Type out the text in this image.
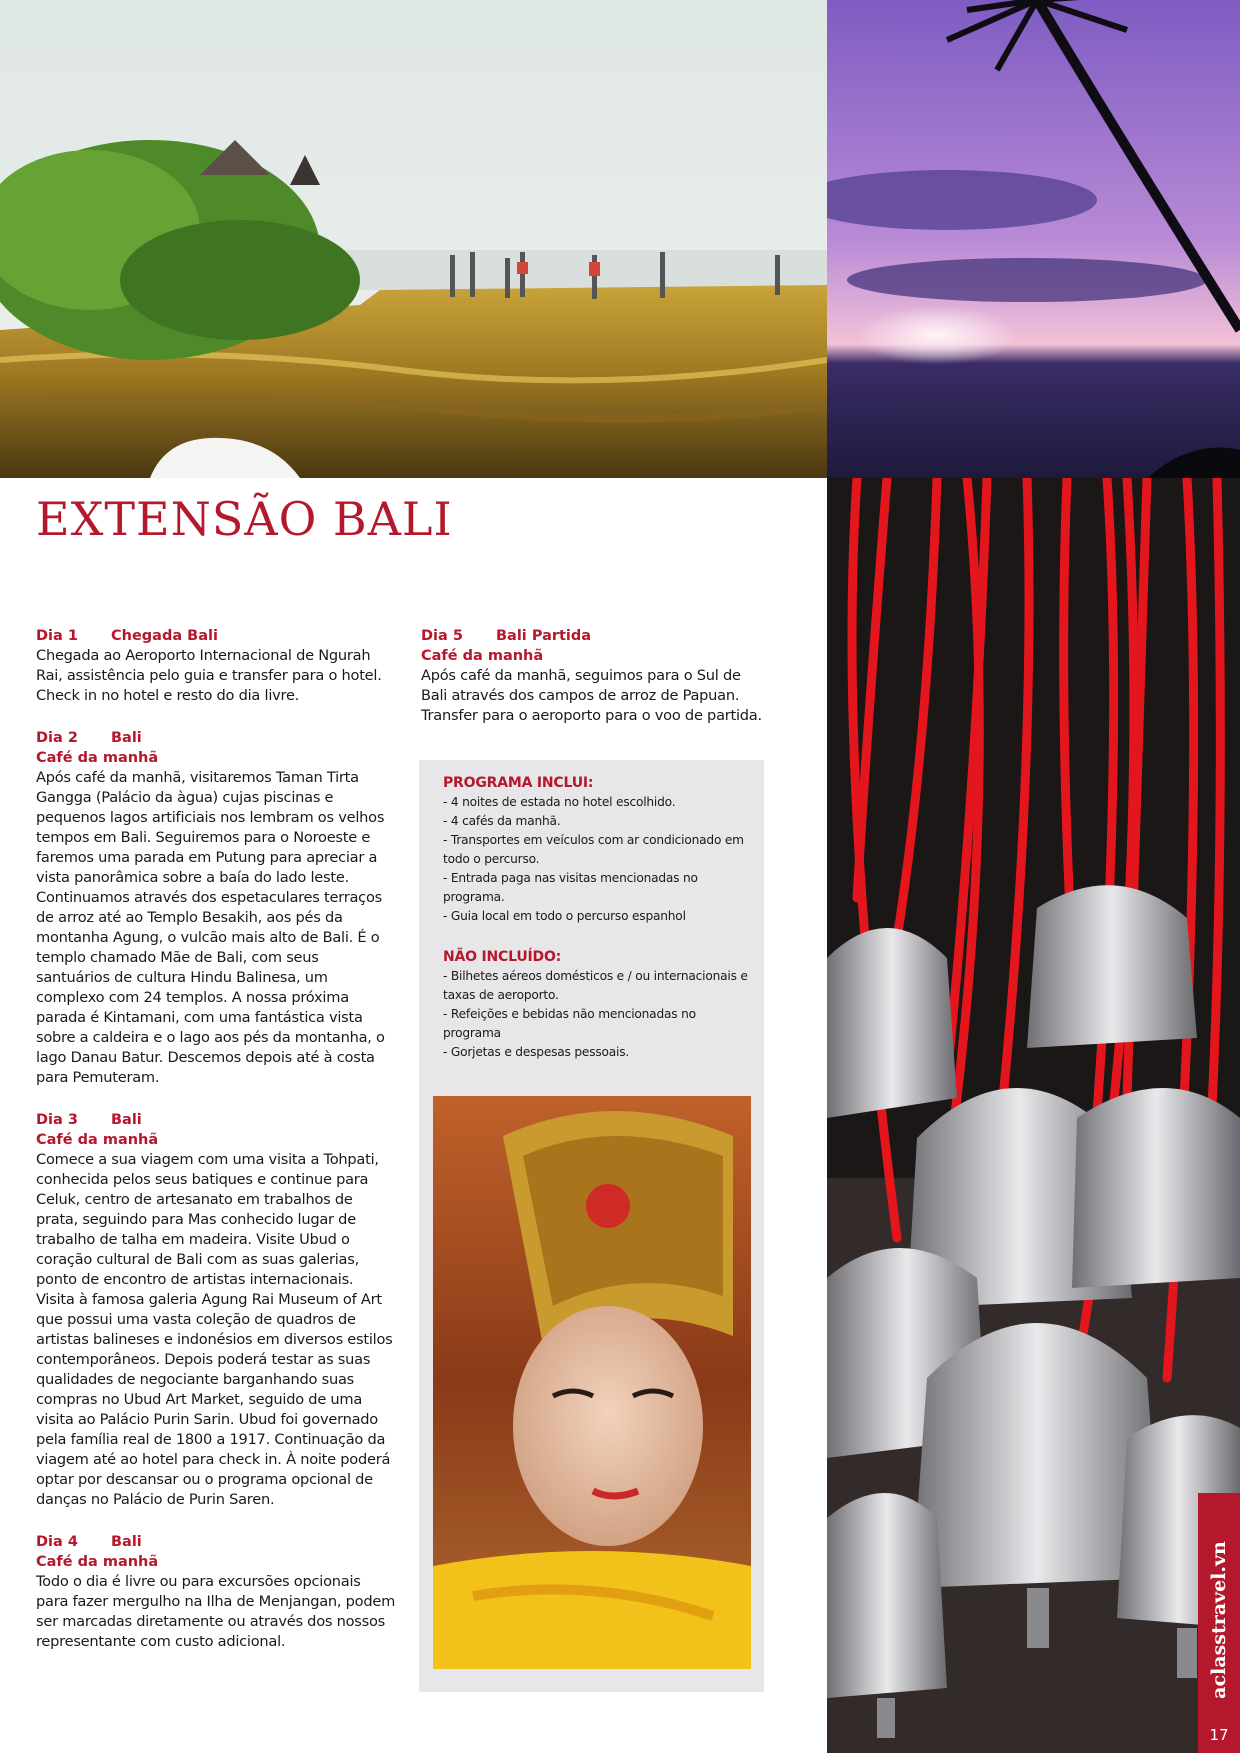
EXTENSÃO BALI
Dia 1 Chegada Bali

Chegada ao Aeroporto Internacional de Ngurah Rai, assistência pelo guia e transfer para o hotel. Check in no hotel e resto do dia livre.

Dia 2 Bali
Café da manhã

Após café da manhã, visitaremos Taman Tirta Gangga (Palácio da àgua) cujas piscinas e pequenos lagos artificiais nos lembram os velhos tempos em Bali. Seguiremos para o Noroeste e faremos uma parada em Putung para apreciar a vista panorâmica sobre a baía do lado leste. Continuamos através dos espetaculares terraços de arroz até ao Templo Besakih, aos pés da montanha Agung, o vulcão mais alto de Bali. É o templo chamado Mãe de Bali, com seus santuários de cultura Hindu Balinesa, um complexo com 24 templos. A nossa próxima parada é Kintamani, com uma fantástica vista sobre a caldeira e o lago aos pés da montanha, o lago Danau Batur. Descemos depois até à costa para Pemuteram.

Dia 3 Bali
Café da manhã

Comece a sua viagem com uma visita a Tohpati, conhecida pelos seus batiques e continue para Celuk, centro de artesanato em trabalhos de prata, seguindo para Mas conhecido lugar de trabalho de talha em madeira. Visite Ubud o coração cultural de Bali com as suas galerias, ponto de encontro de artistas internacionais. Visita à famosa galeria Agung Rai Museum of Art que possui uma vasta coleção de quadros de artistas balineses e indonésios em diversos estilos contemporâneos. Depois poderá testar as suas qualidades de negociante barganhando suas compras no Ubud Art Market, seguido de uma visita ao Palácio Purin Sarin. Ubud foi governado pela família real de 1800 a 1917. Continuação da viagem até ao hotel para check in. À noite poderá optar por descansar ou o programa opcional de danças no Palácio de Purin Saren.

Dia 4 Bali
Café da manhã

Todo o dia é livre ou para excursões opcionais para fazer mergulho na Ilha de Menjangan, podem ser marcadas diretamente ou através dos nossos representante com custo adicional.

Dia 5 Bali Partida
Café da manhã

Após café da manhã, seguimos para o Sul de Bali através dos campos de arroz de Papuan. Transfer para o aeroporto para o voo de partida.

PROGRAMA INCLUI:
- 4 noites de estada no hotel escolhido.
- 4 cafés da manhã.
- Transportes em veículos com ar condicionado em todo o percurso.
- Entrada paga nas visitas mencionadas no programa.
- Guia local em todo o percurso espanhol
NÃO INCLUÍDO:
- Bilhetes aéreos domésticos e / ou internacionais e taxas de aeroporto.
- Refeições e bebidas não mencionadas no programa
- Gorjetas e despesas pessoais.
aclasstravel.vn
17
